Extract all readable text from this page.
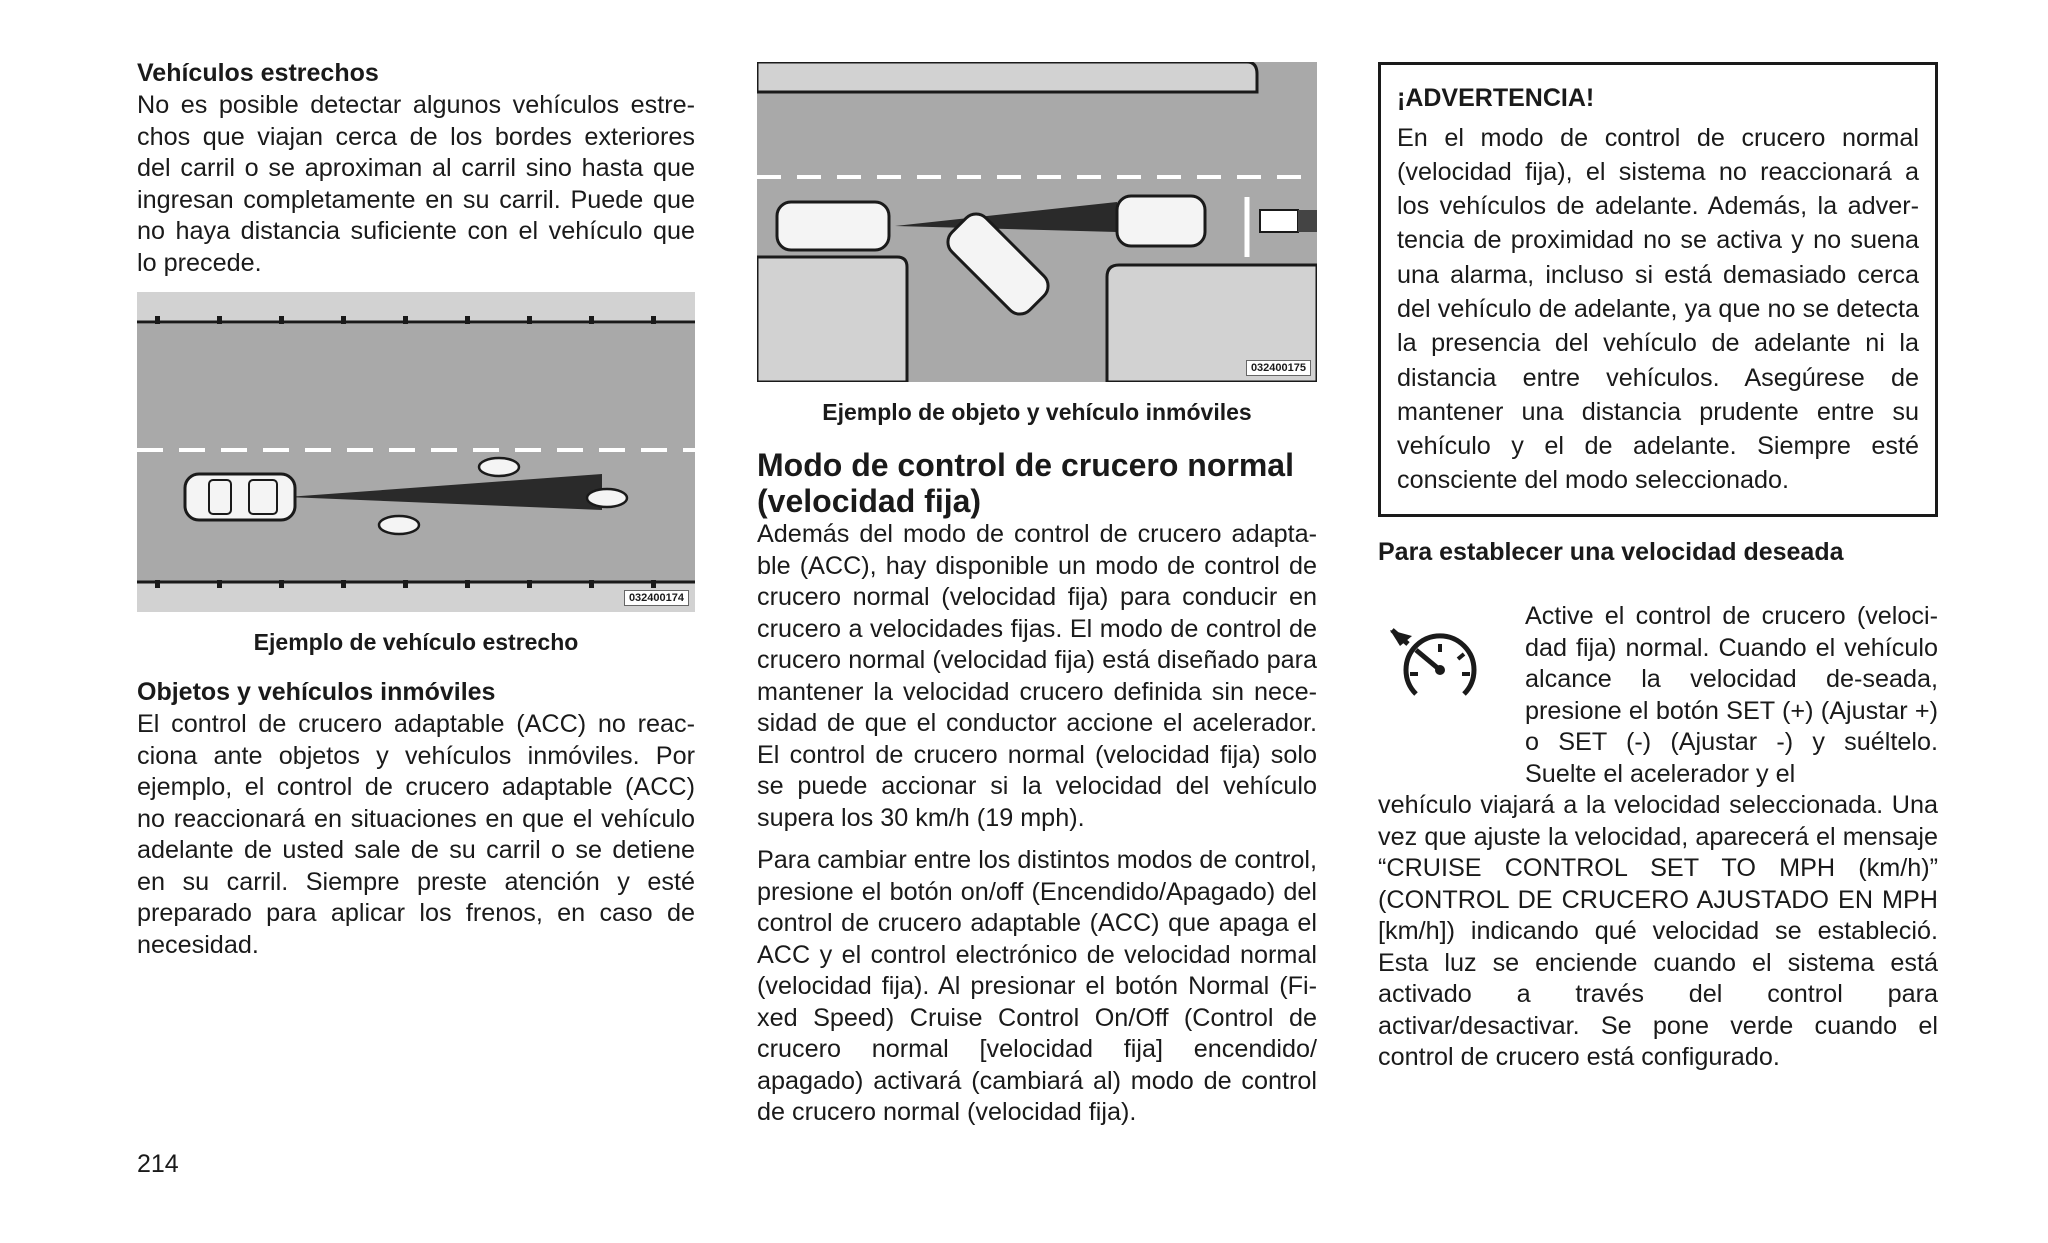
Vehículos estrechos

No es posible detectar algunos vehículos estre-chos que viajan cerca de los bordes exteriores del carril o se aproximan al carril sino hasta que ingresan completamente en su carril. Puede que no haya distancia suficiente con el vehículo que lo precede.

032400174

Ejemplo de vehículo estrecho

Objetos y vehículos inmóviles

El control de crucero adaptable (ACC) no reac-ciona ante objetos y vehículos inmóviles. Por ejemplo, el control de crucero adaptable (ACC) no reaccionará en situaciones en que el vehículo adelante de usted sale de su carril o se detiene en su carril. Siempre preste atención y esté preparado para aplicar los frenos, en caso de necesidad.

032400175

Ejemplo de objeto y vehículo inmóviles

Modo de control de crucero normal (velocidad fija)

Además del modo de control de crucero adapta-ble (ACC), hay disponible un modo de control de crucero normal (velocidad fija) para conducir en crucero a velocidades fijas. El modo de control de crucero normal (velocidad fija) está diseñado para mantener la velocidad crucero definida sin nece-sidad de que el conductor accione el acelerador. El control de crucero normal (velocidad fija) solo se puede accionar si la velocidad del vehículo supera los 30 km/h (19 mph).

Para cambiar entre los distintos modos de control, presione el botón on/off (Encendido/Apagado) del control de crucero adaptable (ACC) que apaga el ACC y el control electrónico de velocidad normal (velocidad fija). Al presionar el botón Normal (Fi-xed Speed) Cruise Control On/Off (Control de crucero normal [velocidad fija] encendido/ apagado) activará (cambiará al) modo de control de crucero normal (velocidad fija).

¡ADVERTENCIA!

En el modo de control de crucero normal (velocidad fija), el sistema no reaccionará a los vehículos de adelante. Además, la adver-tencia de proximidad no se activa y no suena una alarma, incluso si está demasiado cerca del vehículo de adelante, ya que no se detecta la presencia del vehículo de adelante ni la distancia entre vehículos. Asegúrese de mantener una distancia prudente entre su vehículo y el de adelante. Siempre esté consciente del modo seleccionado.

Para establecer una velocidad deseada

Active el control de crucero (veloci-dad fija) normal. Cuando el vehículo alcance la velocidad de-seada, presione el botón SET (+) (Ajustar +) o SET (-) (Ajustar -) y suéltelo. Suelte el acelerador y el

vehículo viajará a la velocidad seleccionada. Una vez que ajuste la velocidad, aparecerá el mensaje “CRUISE CONTROL SET TO MPH (km/h)” (CONTROL DE CRUCERO AJUSTADO EN MPH [km/h]) indicando qué velocidad se estableció. Esta luz se enciende cuando el sistema está activado a través del control para activar/desactivar. Se pone verde cuando el control de crucero está configurado.

214
